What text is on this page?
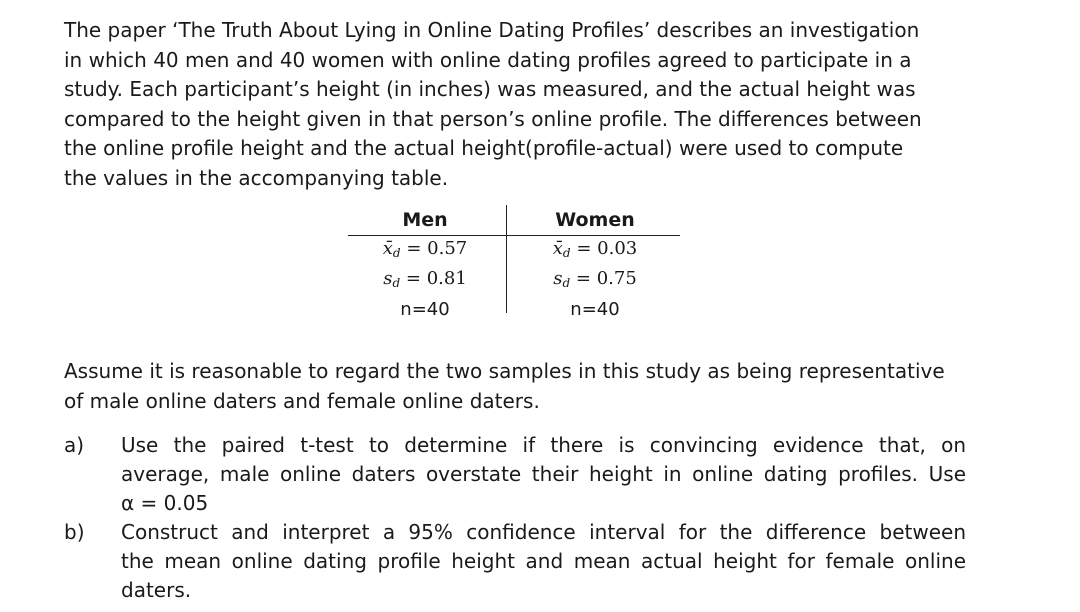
The paper ‘The Truth About Lying in Online Dating Profiles’ describes an investigation
in which 40 men and 40 women with online dating profiles agreed to participate in a
study. Each participant’s height (in inches) was measured, and the actual height was
compared to the height given in that person’s online profile. The differences between
the online profile height and the actual height(profile-actual) were used to compute
the values in the accompanying table.
Men
$x̄_d = 0.57$
$s_d = 0.81$
n=40
Women
$x̄_d = 0.03$
$s_d = 0.75$
n=40
Assume it is reasonable to regard the two samples in this study as being representative
of male online daters and female online daters.
a) Use the paired t-test to determine if there is convincing evidence that, on
average, male online daters overstate their height in online dating profiles. Use
α = 0.05
b) Construct and interpret a 95% confidence interval for the difference between
the mean online dating profile height and mean actual height for female online
daters.
